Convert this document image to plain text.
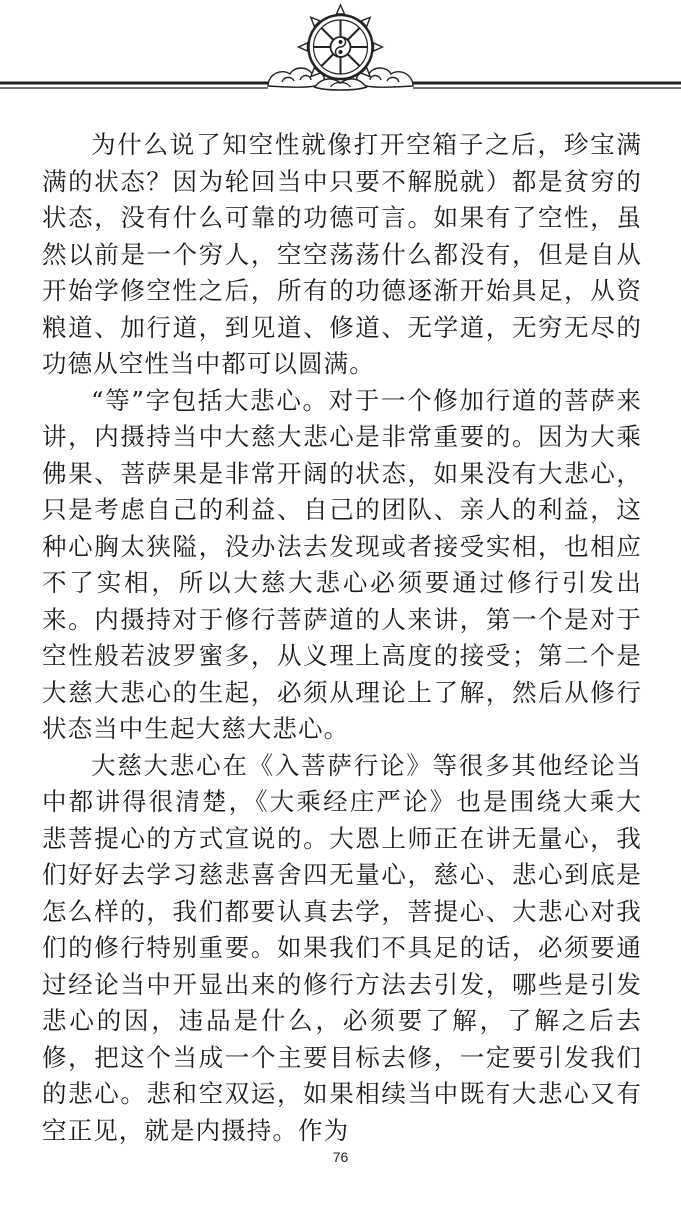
为什么说了知空性就像打开空箱子之后，珍宝满满的状态？因为轮回当中只要不解脱就）都是贫穷的状态，没有什么可靠的功德可言。如果有了空性，虽然以前是一个穷人，空空荡荡什么都没有，但是自从开始学修空性之后，所有的功德逐渐开始具足，从资粮道、加行道，到见道、修道、无学道，无穷无尽的功德从空性当中都可以圆满。

“等”字包括大悲心。对于一个修加行道的菩萨来讲，内摄持当中大慈大悲心是非常重要的。因为大乘佛果、菩萨果是非常开阔的状态，如果没有大悲心，只是考虑自己的利益、自己的团队、亲人的利益，这种心胸太狭隘，没办法去发现或者接受实相，也相应不了实相，所以大慈大悲心必须要通过修行引发出来。内摄持对于修行菩萨道的人来讲，第一个是对于空性般若波罗蜜多，从义理上高度的接受；第二个是大慈大悲心的生起，必须从理论上了解，然后从修行状态当中生起大慈大悲心。

大慈大悲心在《入菩萨行论》等很多其他经论当中都讲得很清楚，《大乘经庄严论》也是围绕大乘大悲菩提心的方式宣说的。大恩上师正在讲无量心，我们好好去学习慈悲喜舍四无量心，慈心、悲心到底是怎么样的，我们都要认真去学，菩提心、大悲心对我们的修行特别重要。如果我们不具足的话，必须要通过经论当中开显出来的修行方法去引发，哪些是引发悲心的因，违品是什么，必须要了解，了解之后去修，把这个当成一个主要目标去修，一定要引发我们的悲心。悲和空双运，如果相续当中既有大悲心又有空正见，就是内摄持。作为

76
